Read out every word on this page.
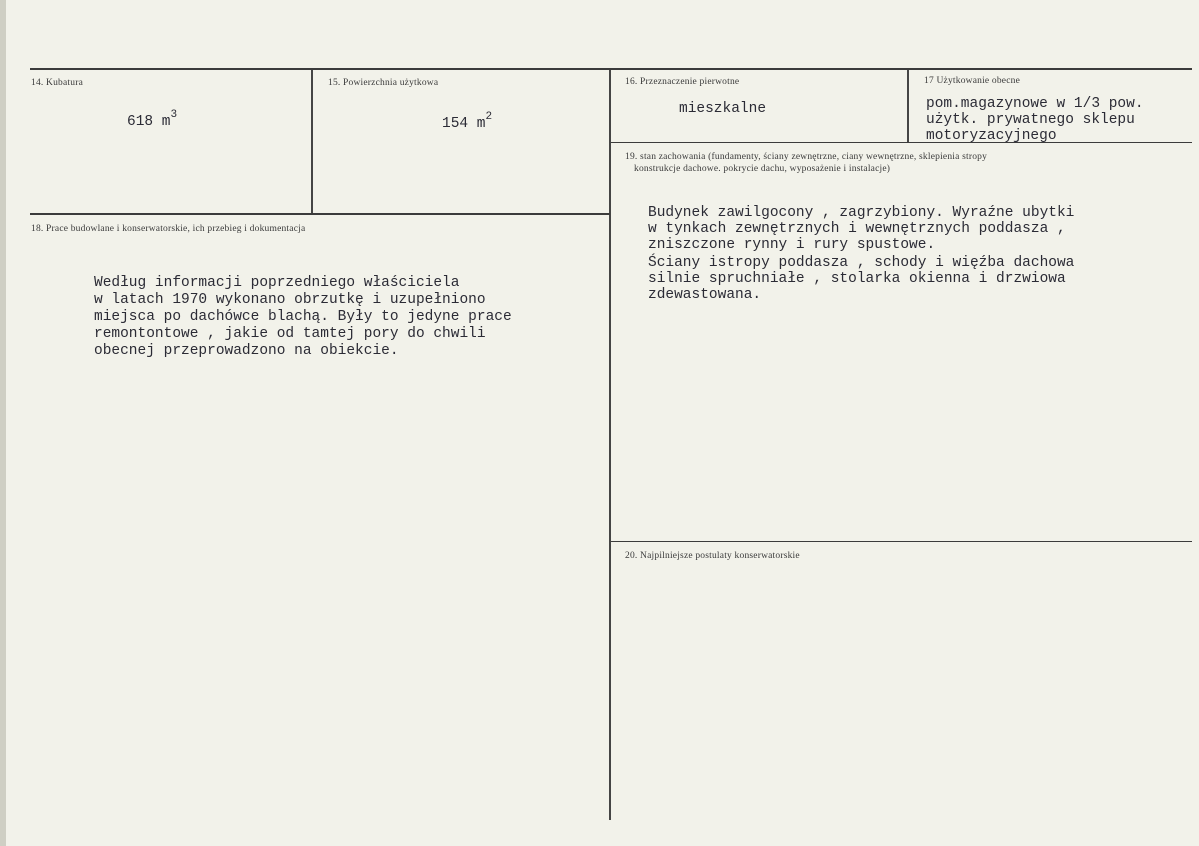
14. Kubatura
618 $m^3$
15. Powierzchnia użytkowa
154 $m^2$
16. Przeznaczenie pierwotne
mieszkalne
17 Użytkowanie obecne
pom.magazynowe w 1/3 pow.
użytk. prywatnego sklepu
motoryzacyjnego
18. Prace budowlane i konserwatorskie, ich przebieg i dokumentacja
Według informacji poprzedniego właściciela
w latach 1970 wykonano obrzutkę i uzupełniono
miejsca po dachówce blachą. Były to jedyne prace
remontontowe , jakie od tamtej pory do chwili
obecnej przeprowadzono na obiekcie.
19. stan zachowania (fundamenty, ściany zewnętrzne, ciany wewnętrzne, sklepienia stropy
konstrukcje dachowe. pokrycie dachu, wyposażenie i instalacje)
Budynek zawilgocony , zagrzybiony. Wyraźne ubytki
w tynkach zewnętrznych i wewnętrznych poddasza ,
zniszczone rynny i rury spustowe.
Ściany istropy poddasza , schody i więźba dachowa
silnie spruchniałe , stolarka okienna i drzwiowa
zdewastowana.
20. Najpilniejsze postulaty konserwatorskie
